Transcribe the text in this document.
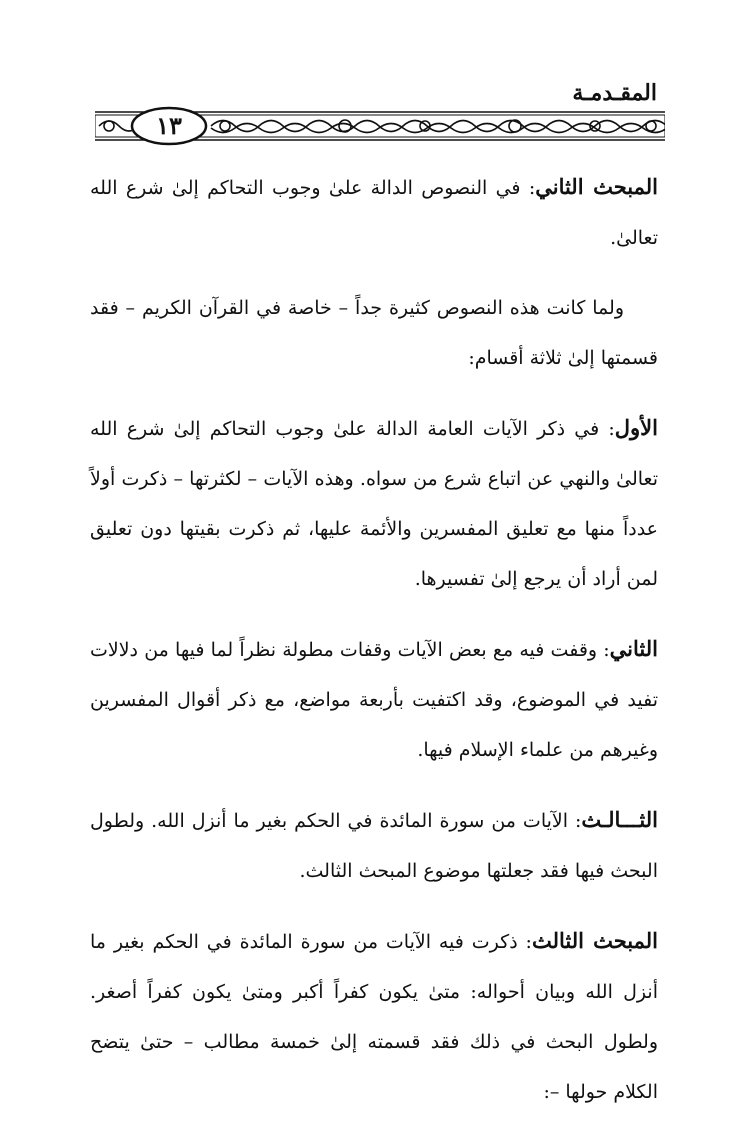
المقـدمـة
١٣

المبحث الثاني: في النصوص الدالة علىٰ وجوب التحاكم إلىٰ شرع الله تعالىٰ.

ولما كانت هذه النصوص كثيرة جداً – خاصة في القرآن الكريم – فقد قسمتها إلىٰ ثلاثة أقسام:

الأول: في ذكر الآيات العامة الدالة علىٰ وجوب التحاكم إلىٰ شرع الله تعالىٰ والنهي عن اتباع شرع من سواه. وهذه الآيات – لكثرتها – ذكرت أولاً عدداً منها مع تعليق المفسرين والأئمة عليها، ثم ذكرت بقيتها دون تعليق لمن أراد أن يرجع إلىٰ تفسيرها.

الثاني: وقفت فيه مع بعض الآيات وقفات مطولة نظراً لما فيها من دلالات تفيد في الموضوع، وقد اكتفيت بأربعة مواضع، مع ذكر أقوال المفسرين وغيرهم من علماء الإسلام فيها.

الثـــالـث: الآيات من سورة المائدة في الحكم بغير ما أنزل الله. ولطول البحث فيها فقد جعلتها موضوع المبحث الثالث.

المبحث الثالث: ذكرت فيه الآيات من سورة المائدة في الحكم بغير ما أنزل الله وبيان أحواله: متىٰ يكون كفراً أكبر ومتىٰ يكون كفراً أصغر. ولطول البحث في ذلك فقد قسمته إلىٰ خمسة مطالب – حتىٰ يتضح الكلام حولها –:
